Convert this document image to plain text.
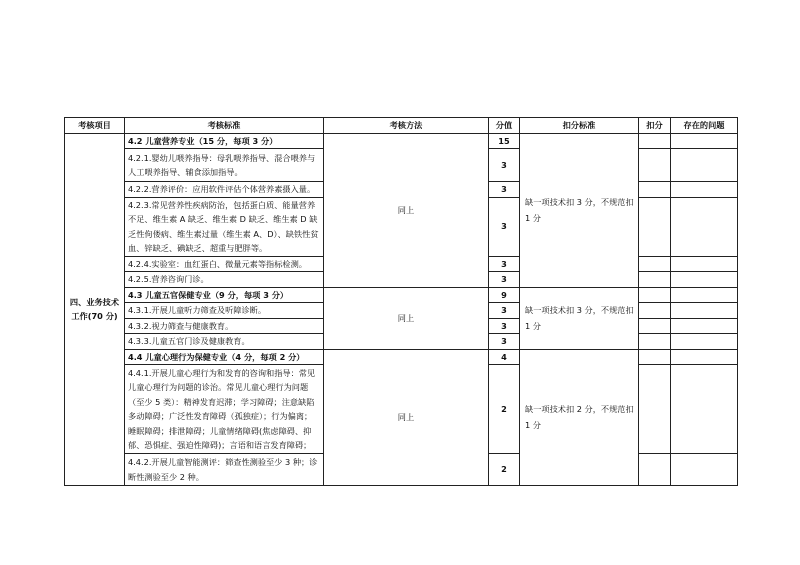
考核项目	考核标准	考核方法	分值	扣分标准	扣分	存在的问题
四、业务技术工作(70 分)	4.2 儿童营养专业（15 分，每项 3 分）	同上	15	缺一项技术扣 3 分，不规范扣 1 分		
	4.2.1.婴幼儿喂养指导：母乳喂养指导、混合喂养与人工喂养指导、辅食添加指导。		3			
	4.2.2.营养评价：应用软件评估个体营养素摄入量。		3			
	4.2.3.常见营养性疾病防治，包括蛋白质、能量营养不足、维生素 A 缺乏、维生素 D 缺乏、维生素 D 缺乏性佝偻病、维生素过量（维生素 A、D）、缺铁性贫血、锌缺乏、碘缺乏、超重与肥胖等。		3			
	4.2.4.实验室：血红蛋白、微量元素等指标检测。		3			
	4.2.5.营养咨询门诊。		3			
	4.3 儿童五官保健专业（9 分，每项 3 分）	同上	9	缺一项技术扣 3 分，不规范扣 1 分		
	4.3.1.开展儿童听力筛查及听障诊断。		3			
	4.3.2.视力筛查与健康教育。		3			
	4.3.3.儿童五官门诊及健康教育。		3			
	4.4 儿童心理行为保健专业（4 分，每项 2 分）	同上	4	缺一项技术扣 2 分，不规范扣 1 分		
	4.4.1.开展儿童心理行为和发育的咨询和指导：常见儿童心理行为问题的诊治。常见儿童心理行为问题（至少 5 类）：精神发育迟滞；学习障碍；注意缺陷多动障碍；广泛性发育障碍（孤独症）；行为偏离；睡眠障碍；排泄障碍；儿童情绪障碍(焦虑障碍、抑郁、恐惧症、强迫性障碍)；言语和语言发育障碍；		2			
	4.4.2.开展儿童智能测评：筛查性测验至少 3 种；诊断性测验至少 2 种。		2			
